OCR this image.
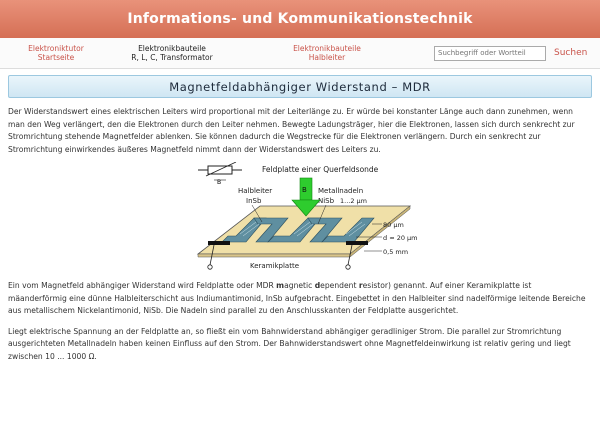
Informations- und Kommunikationstechnik
Elektroniktutor
Startseite
Elektronikbauteile
R, L, C, Transformator
Elektronikbauteile
Halbleiter
Suchbegriff oder Wortteil	Suchen
Magnetfeldabhängiger Widerstand – MDR

Der Widerstandswert eines elektrischen Leiters wird proportional mit der Leiterlänge zu. Er würde bei konstanter Länge auch dann zunehmen, wenn man den Weg verlängert, den die Elektronen durch den Leiter nehmen. Bewegte Ladungsträger, hier die Elektronen, lassen sich durch senkrecht zur Stromrichtung stehende Magnetfelder ablenken. Sie können dadurch die Wegstrecke für die Elektronen verlängern. Durch ein senkrecht zur Stromrichtung einwirkendes äußeres Magnetfeld nimmt dann der Widerstandswert des Leiters zu.

B
Feldplatte einer Querfeldsonde
Halbleiter
InSb
Metallnadeln
NiSb 1...2 µm
B
80 µm
d ≈ 20 µm
0,5 mm
Keramikplatte

Ein vom Magnetfeld abhängiger Widerstand wird Feldplatte oder MDR magnetic dependent resistor) genannt. Auf einer Keramikplatte ist mäanderförmig eine dünne Halbleiterschicht aus Indiumantimonid, InSb aufgebracht. Eingebettet in den Halbleiter sind nadelförmige leitende Bereiche aus metallischem Nickelantimonid, NiSb. Die Nadeln sind parallel zu den Anschlusskanten der Feldplatte ausgerichtet.

Liegt elektrische Spannung an der Feldplatte an, so fließt ein vom Bahnwiderstand abhängiger geradliniger Strom. Die parallel zur Stromrichtung ausgerichteten Metallnadeln haben keinen Einfluss auf den Strom. Der Bahnwiderstandswert ohne Magnetfeldeinwirkung ist relativ gering und liegt zwischen 10 ... 1000 Ω.
